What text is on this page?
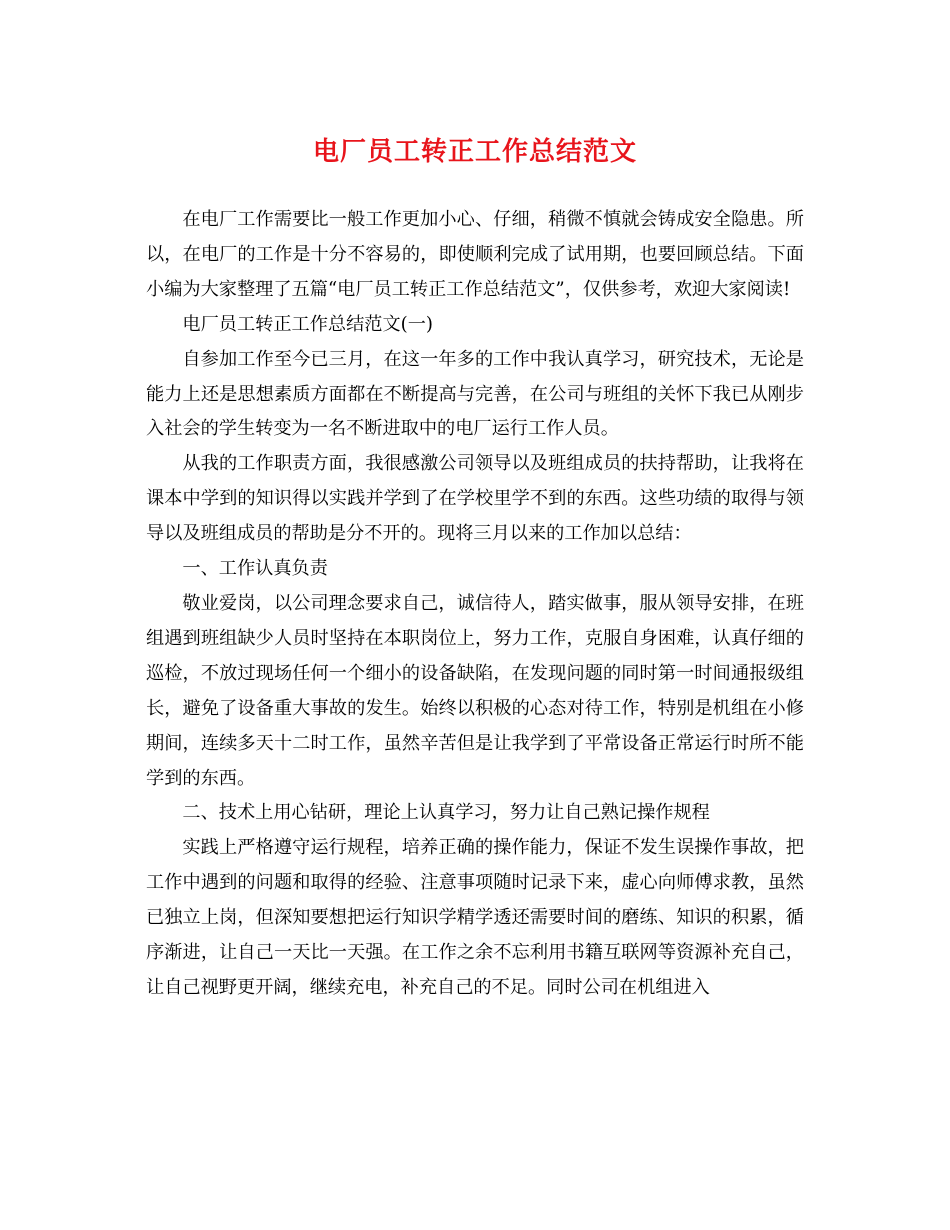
电厂员工转正工作总结范文

在电厂工作需要比一般工作更加小心、仔细，稍微不慎就会铸成安全隐患。所以，在电厂的工作是十分不容易的，即使顺利完成了试用期，也要回顾总结。下面小编为大家整理了五篇“电厂员工转正工作总结范文”，仅供参考，欢迎大家阅读!

电厂员工转正工作总结范文(一)

自参加工作至今已三月，在这一年多的工作中我认真学习，研究技术，无论是能力上还是思想素质方面都在不断提高与完善，在公司与班组的关怀下我已从刚步入社会的学生转变为一名不断进取中的电厂运行工作人员。

从我的工作职责方面，我很感激公司领导以及班组成员的扶持帮助，让我将在课本中学到的知识得以实践并学到了在学校里学不到的东西。这些功绩的取得与领导以及班组成员的帮助是分不开的。现将三月以来的工作加以总结：

一、工作认真负责

敬业爱岗，以公司理念要求自己，诚信待人，踏实做事，服从领导安排，在班组遇到班组缺少人员时坚持在本职岗位上，努力工作，克服自身困难，认真仔细的巡检，不放过现场任何一个细小的设备缺陷，在发现问题的同时第一时间通报级组长，避免了设备重大事故的发生。始终以积极的心态对待工作，特别是机组在小修期间，连续多天十二时工作，虽然辛苦但是让我学到了平常设备正常运行时所不能学到的东西。

二、技术上用心钻研，理论上认真学习，努力让自己熟记操作规程

实践上严格遵守运行规程，培养正确的操作能力，保证不发生误操作事故，把工作中遇到的问题和取得的经验、注意事项随时记录下来，虚心向师傅求教，虽然已独立上岗，但深知要想把运行知识学精学透还需要时间的磨练、知识的积累，循序渐进，让自己一天比一天强。在工作之余不忘利用书籍互联网等资源补充自己，让自己视野更开阔，继续充电，补充自己的不足。同时公司在机组进入
